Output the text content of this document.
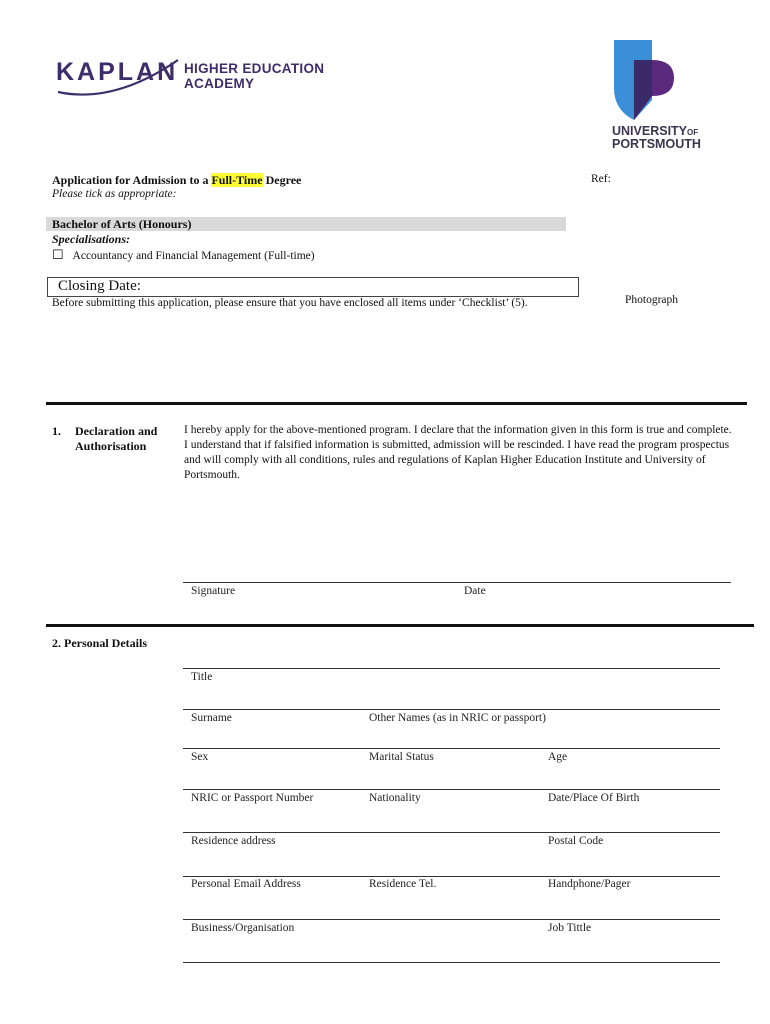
KAPLAN HIGHER EDUCATION
ACADEMY
UNIVERSITYOF
PORTSMOUTH
Application for Admission to a Full-Time Degree
Please tick as appropriate:
Ref:
Bachelor of Arts (Honours)
Specialisations:
☐ Accountancy and Financial Management (Full-time)
Closing Date:
Before submitting this application, please ensure that you have enclosed all items under ‘Checklist’ (5).	Photograph
1. Declaration and
Authorisation
I hereby apply for the above-mentioned program. I declare that the information given in this form is true and complete. I understand that if falsified information is submitted, admission will be rescinded. I have read the program prospectus and will comply with all conditions, rules and regulations of Kaplan Higher Education Institute and University of Portsmouth.
Signature	Date
2. Personal Details
Title
Surname	Other Names (as in NRIC or passport)
Sex	Marital Status	Age
NRIC or Passport Number	Nationality	Date/Place Of Birth
Residence address	Postal Code
Personal Email Address	Residence Tel.	Handphone/Pager
Business/Organisation	Job Tittle
